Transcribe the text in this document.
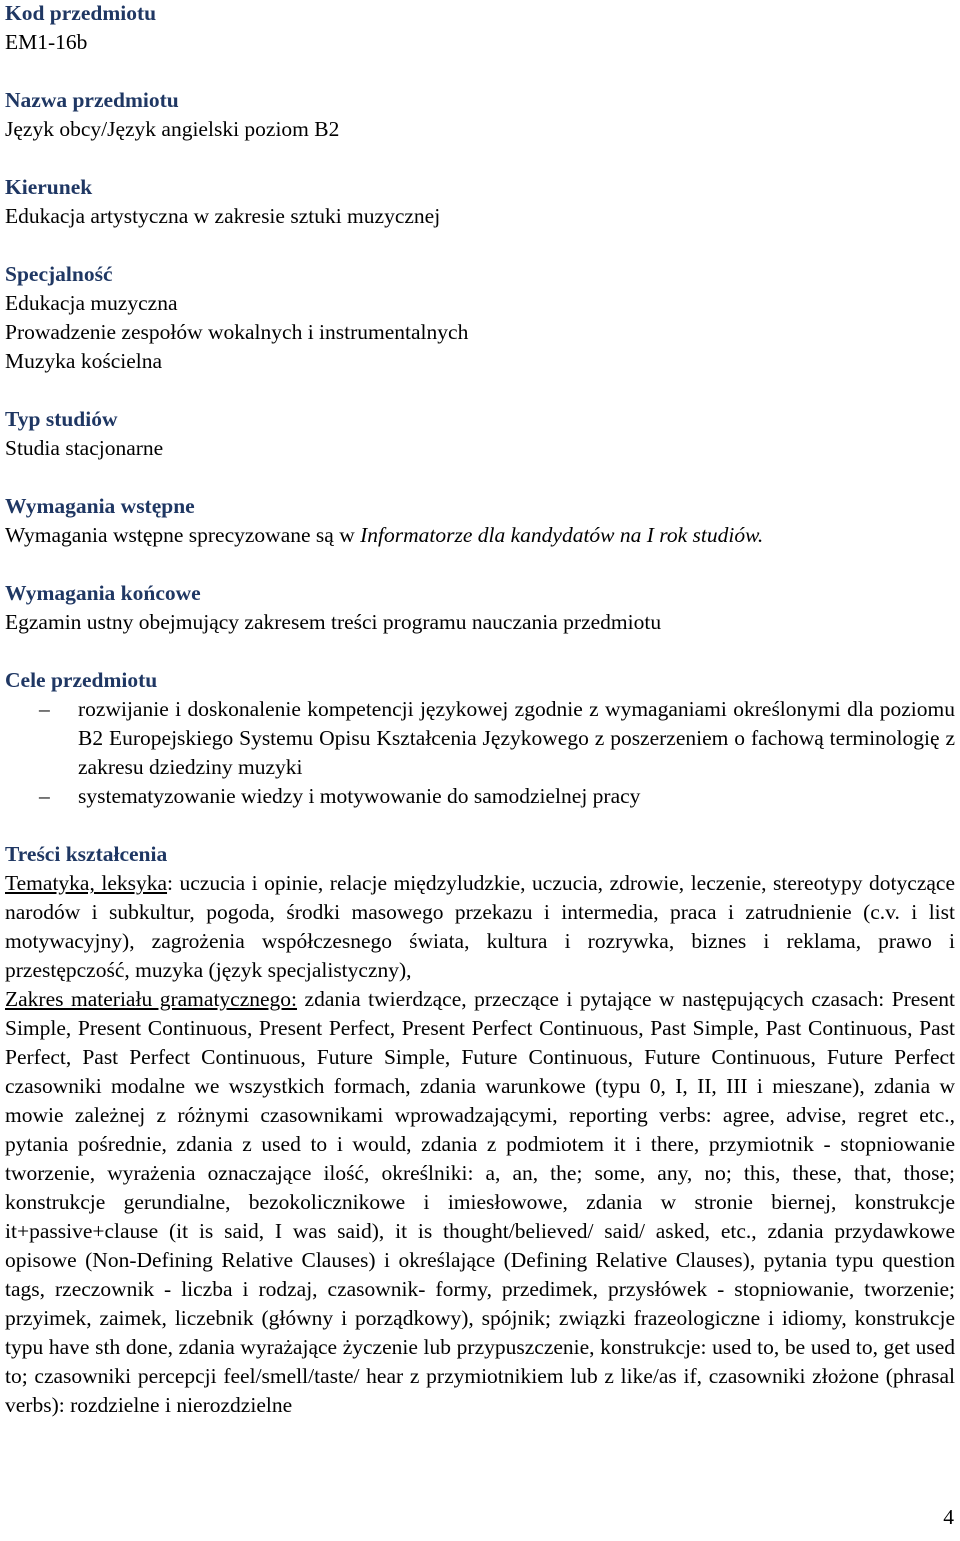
Kod przedmiotu

EM1-16b

Nazwa przedmiotu

Język obcy/Język angielski poziom B2

Kierunek

Edukacja artystyczna w zakresie sztuki muzycznej

Specjalność

Edukacja muzyczna

Prowadzenie zespołów wokalnych i instrumentalnych

Muzyka kościelna

Typ studiów

Studia stacjonarne

Wymagania wstępne

Wymagania wstępne sprecyzowane są w Informatorze dla kandydatów na I rok studiów.

Wymagania końcowe

Egzamin ustny obejmujący zakresem treści programu nauczania przedmiotu

Cele przedmiotu

– rozwijanie i doskonalenie kompetencji językowej zgodnie z wymaganiami określonymi dla poziomu B2 Europejskiego Systemu Opisu Kształcenia Językowego z poszerzeniem o fachową terminologię z zakresu dziedziny muzyki
– systematyzowanie wiedzy i motywowanie do samodzielnej pracy

Treści kształcenia

Tematyka, leksyka: uczucia i opinie, relacje międzyludzkie, uczucia, zdrowie, leczenie, stereotypy dotyczące narodów i subkultur, pogoda, środki masowego przekazu i intermedia, praca i zatrudnienie (c.v. i list motywacyjny), zagrożenia współczesnego świata, kultura i rozrywka, biznes i reklama, prawo i przestępczość, muzyka (język specjalistyczny),

Zakres materiału gramatycznego: zdania twierdzące, przeczące i pytające w następujących czasach: Present Simple, Present Continuous, Present Perfect, Present Perfect Continuous, Past Simple, Past Continuous, Past Perfect, Past Perfect Continuous, Future Simple, Future Continuous, Future Continuous, Future Perfect czasowniki modalne we wszystkich formach, zdania warunkowe (typu 0, I, II, III i mieszane), zdania w mowie zależnej z różnymi czasownikami wprowadzającymi, reporting verbs: agree, advise, regret etc., pytania pośrednie, zdania z used to i would, zdania z podmiotem it i there, przymiotnik - stopniowanie tworzenie, wyrażenia oznaczające ilość, określniki: a, an, the; some, any, no; this, these, that, those; konstrukcje gerundialne, bezokolicznikowe i imiesłowowe, zdania w stronie biernej, konstrukcje it+passive+clause (it is said, I was said), it is thought/believed/ said/ asked, etc., zdania przydawkowe opisowe (Non-Defining Relative Clauses) i określające (Defining Relative Clauses), pytania typu question tags, rzeczownik - liczba i rodzaj, czasownik- formy, przedimek, przysłówek - stopniowanie, tworzenie; przyimek, zaimek, liczebnik (główny i porządkowy), spójnik; związki frazeologiczne i idiomy, konstrukcje typu have sth done, zdania wyrażające życzenie lub przypuszczenie, konstrukcje: used to, be used to, get used to; czasowniki percepcji feel/smell/taste/ hear z przymiotnikiem lub z like/as if, czasowniki złożone (phrasal verbs): rozdzielne i nierozdzielne

4
